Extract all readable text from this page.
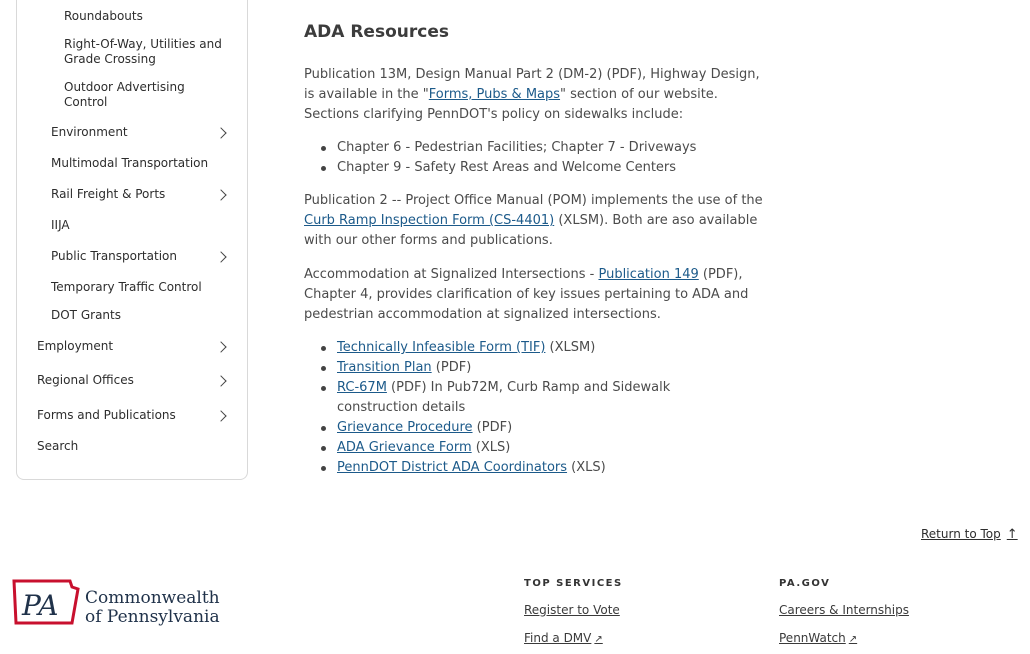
Roundabouts
Right-Of-Way, Utilities and Grade Crossing
Outdoor Advertising Control
Environment
Multimodal Transportation
Rail Freight & Ports
IIJA
Public Transportation
Temporary Traffic Control
DOT Grants
Employment
Regional Offices
Forms and Publications
Search
ADA Resources

Publication 13M, Design Manual Part 2 (DM-2) (PDF), Highway Design, is available in the "Forms, Pubs & Maps" section of our website. Sections clarifying PennDOT's policy on sidewalks include:

Chapter 6 - Pedestrian Facilities; Chapter 7 - Driveways
Chapter 9 - Safety Rest Areas and Welcome Centers

Publication 2 -- Project Office Manual (POM) implements the use of the Curb Ramp Inspection Form (CS-4401) (XLSM). Both are aso available with our other forms and publications.

Accommodation at Signalized Intersections - Publication 149 (PDF), Chapter 4, provides clarification of key issues pertaining to ADA and pedestrian accommodation at signalized intersections.

Technically Infeasible Form (TIF) (XLSM)
Transition Plan (PDF)
RC-67M (PDF) In Pub72M, Curb Ramp and Sidewalk construction details
Grievance Procedure (PDF)
ADA Grievance Form (XLS)
PennDOT District ADA Coordinators (XLS)
Return to Top ↑
PA Commonwealth
of Pennsylvania
TOP SERVICES
Register to Vote
Find a DMV ↗
PA.GOV
Careers & Internships
PennWatch ↗
